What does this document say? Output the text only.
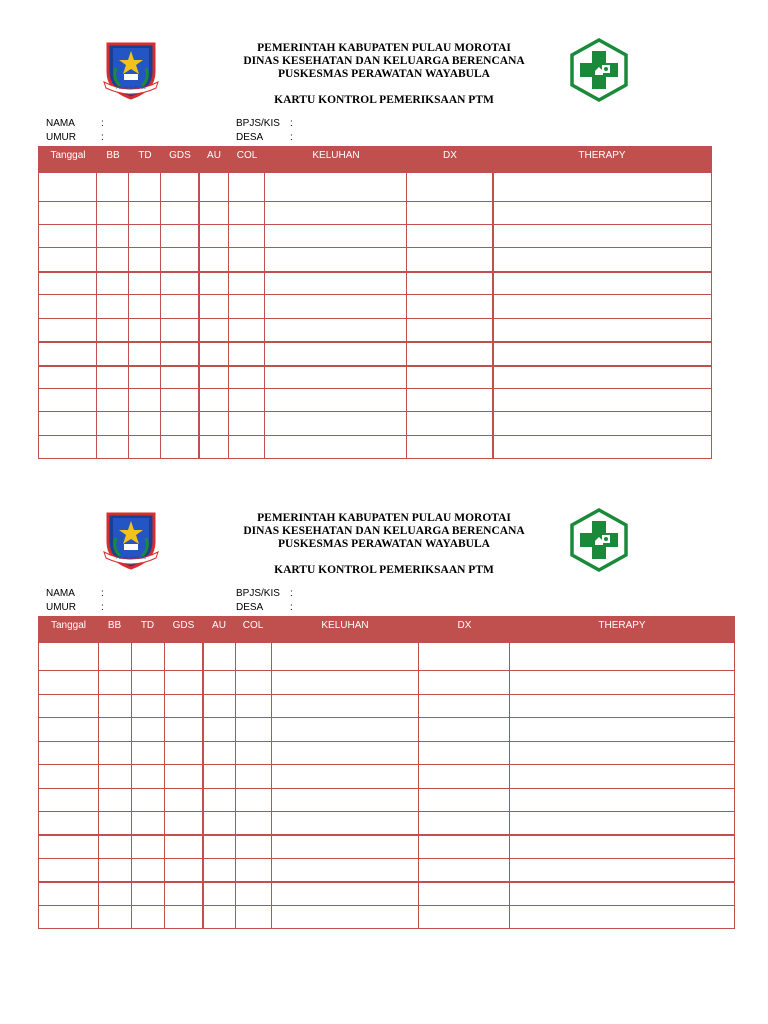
PULAU MOROTAI
PEMERINTAH KABUPATEN PULAU MOROTAI
DINAS KESEHATAN DAN KELUARGA BERENCANA
PUSKESMAS PERAWATAN WAYABULA
KARTU KONTROL PEMERIKSAAN PTM
NAMA	:
UMUR	:
BPJS/KIS :
DESA	:
Tanggal	BB	TD	GDS	AU	COL	KELUHAN	DX	THERAPY
PULAU MOROTAI
PEMERINTAH KABUPATEN PULAU MOROTAI
DINAS KESEHATAN DAN KELUARGA BERENCANA
PUSKESMAS PERAWATAN WAYABULA
KARTU KONTROL PEMERIKSAAN PTM
NAMA	:
UMUR	:
BPJS/KIS :
DESA	:
Tanggal	BB	TD	GDS	AU	COL	KELUHAN	DX	THERAPY
